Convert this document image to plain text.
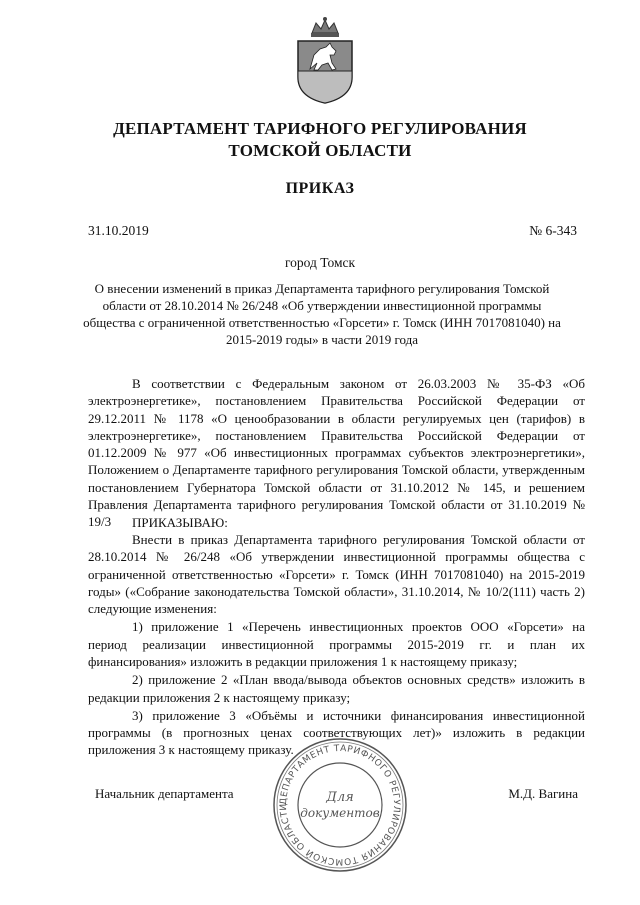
ДЕПАРТАМЕНТ ТАРИФНОГО РЕГУЛИРОВАНИЯ
ТОМСКОЙ ОБЛАСТИ
ПРИКАЗ
31.10.2019	№ 6-343
город Томск
О внесении изменений в приказ Департамента тарифного регулирования Томской области от 28.10.2014 № 26/248 «Об утверждении инвестиционной программы общества с ограниченной ответственностью «Горсети» г. Томск (ИНН 7017081040) на 2015-2019 годы» в части 2019 года

В соответствии с Федеральным законом от 26.03.2003 № 35-ФЗ «Об электроэнергетике», постановлением Правительства Российской Федерации от 29.12.2011 № 1178 «О ценообразовании в области регулируемых цен (тарифов) в электроэнергетике», постановлением Правительства Российской Федерации от 01.12.2009 № 977 «Об инвестиционных программах субъектов электроэнергетики», Положением о Департаменте тарифного регулирования Томской области, утвержденным постановлением Губернатора Томской области от 31.10.2012 № 145, и решением Правления Департамента тарифного регулирования Томской области от 31.10.2019 № 19/3	ПРИКАЗЫВАЮ:

Внести в приказ Департамента тарифного регулирования Томской области от 28.10.2014 № 26/248 «Об утверждении инвестиционной программы общества с ограниченной ответственностью «Горсети» г. Томск (ИНН 7017081040) на 2015-2019 годы» («Собрание законодательства Томской области», 31.10.2014, № 10/2(111) часть 2) следующие изменения:

1) приложение 1 «Перечень инвестиционных проектов ООО «Горсети» на период реализации инвестиционной программы 2015-2019 гг. и план их финансирования» изложить в редакции приложения 1 к настоящему приказу;

2) приложение 2 «План ввода/вывода объектов основных средств» изложить в редакции приложения 2 к настоящему приказу;

3) приложение 3 «Объёмы и источники финансирования инвестиционной программы (в прогнозных ценах соответствующих лет)» изложить в редакции приложения 3 к настоящему приказу.

Начальник департамента	М.Д. Вагина
ДЕПАРТАМЕНТ ТАРИФНОГО РЕГУЛИРОВАНИЯ ТОМСКОЙ ОБЛАСТИ
Для
документов
